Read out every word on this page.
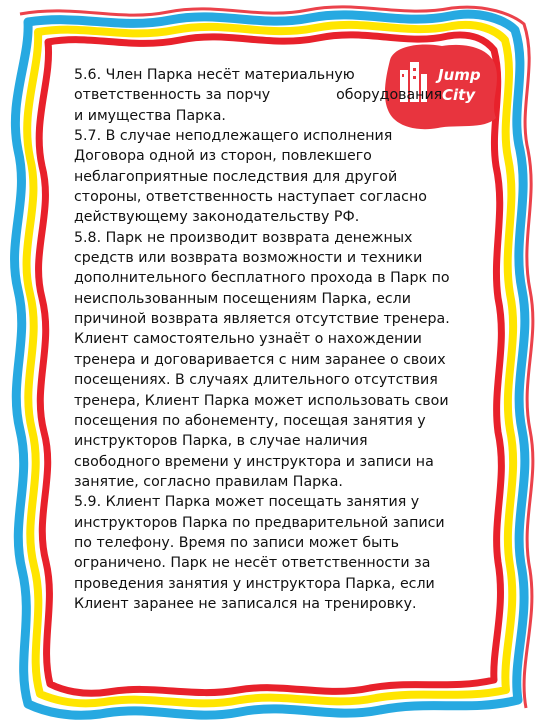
Jump
City
5.6. Член Парка несёт материальную
ответственность за порчу	оборудования
и имущества Парка.
5.7. В случае неподлежащего исполнения
Договора одной из сторон, повлекшего
неблагоприятные последствия для другой
стороны, ответственность наступает согласно
действующему законодательству РФ.
5.8. Парк не производит возврата денежных
средств или возврата возможности и техники
дополнительного бесплатного прохода в Парк по
неиспользованным посещениям Парка, если
причиной возврата является отсутствие тренера.
Клиент самостоятельно узнаёт о нахождении
тренера и договаривается с ним заранее о своих
посещениях. В случаях длительного отсутствия
тренера, Клиент Парка может использовать свои
посещения по абонементу, посещая занятия у
инструкторов Парка, в случае наличия
свободного времени у инструктора и записи на
занятие, согласно правилам Парка.
5.9. Клиент Парка может посещать занятия у
инструкторов Парка по предварительной записи
по телефону. Время по записи может быть
ограничено. Парк не несёт ответственности за
проведения занятия у инструктора Парка, если
Клиент заранее не записался на тренировку.
